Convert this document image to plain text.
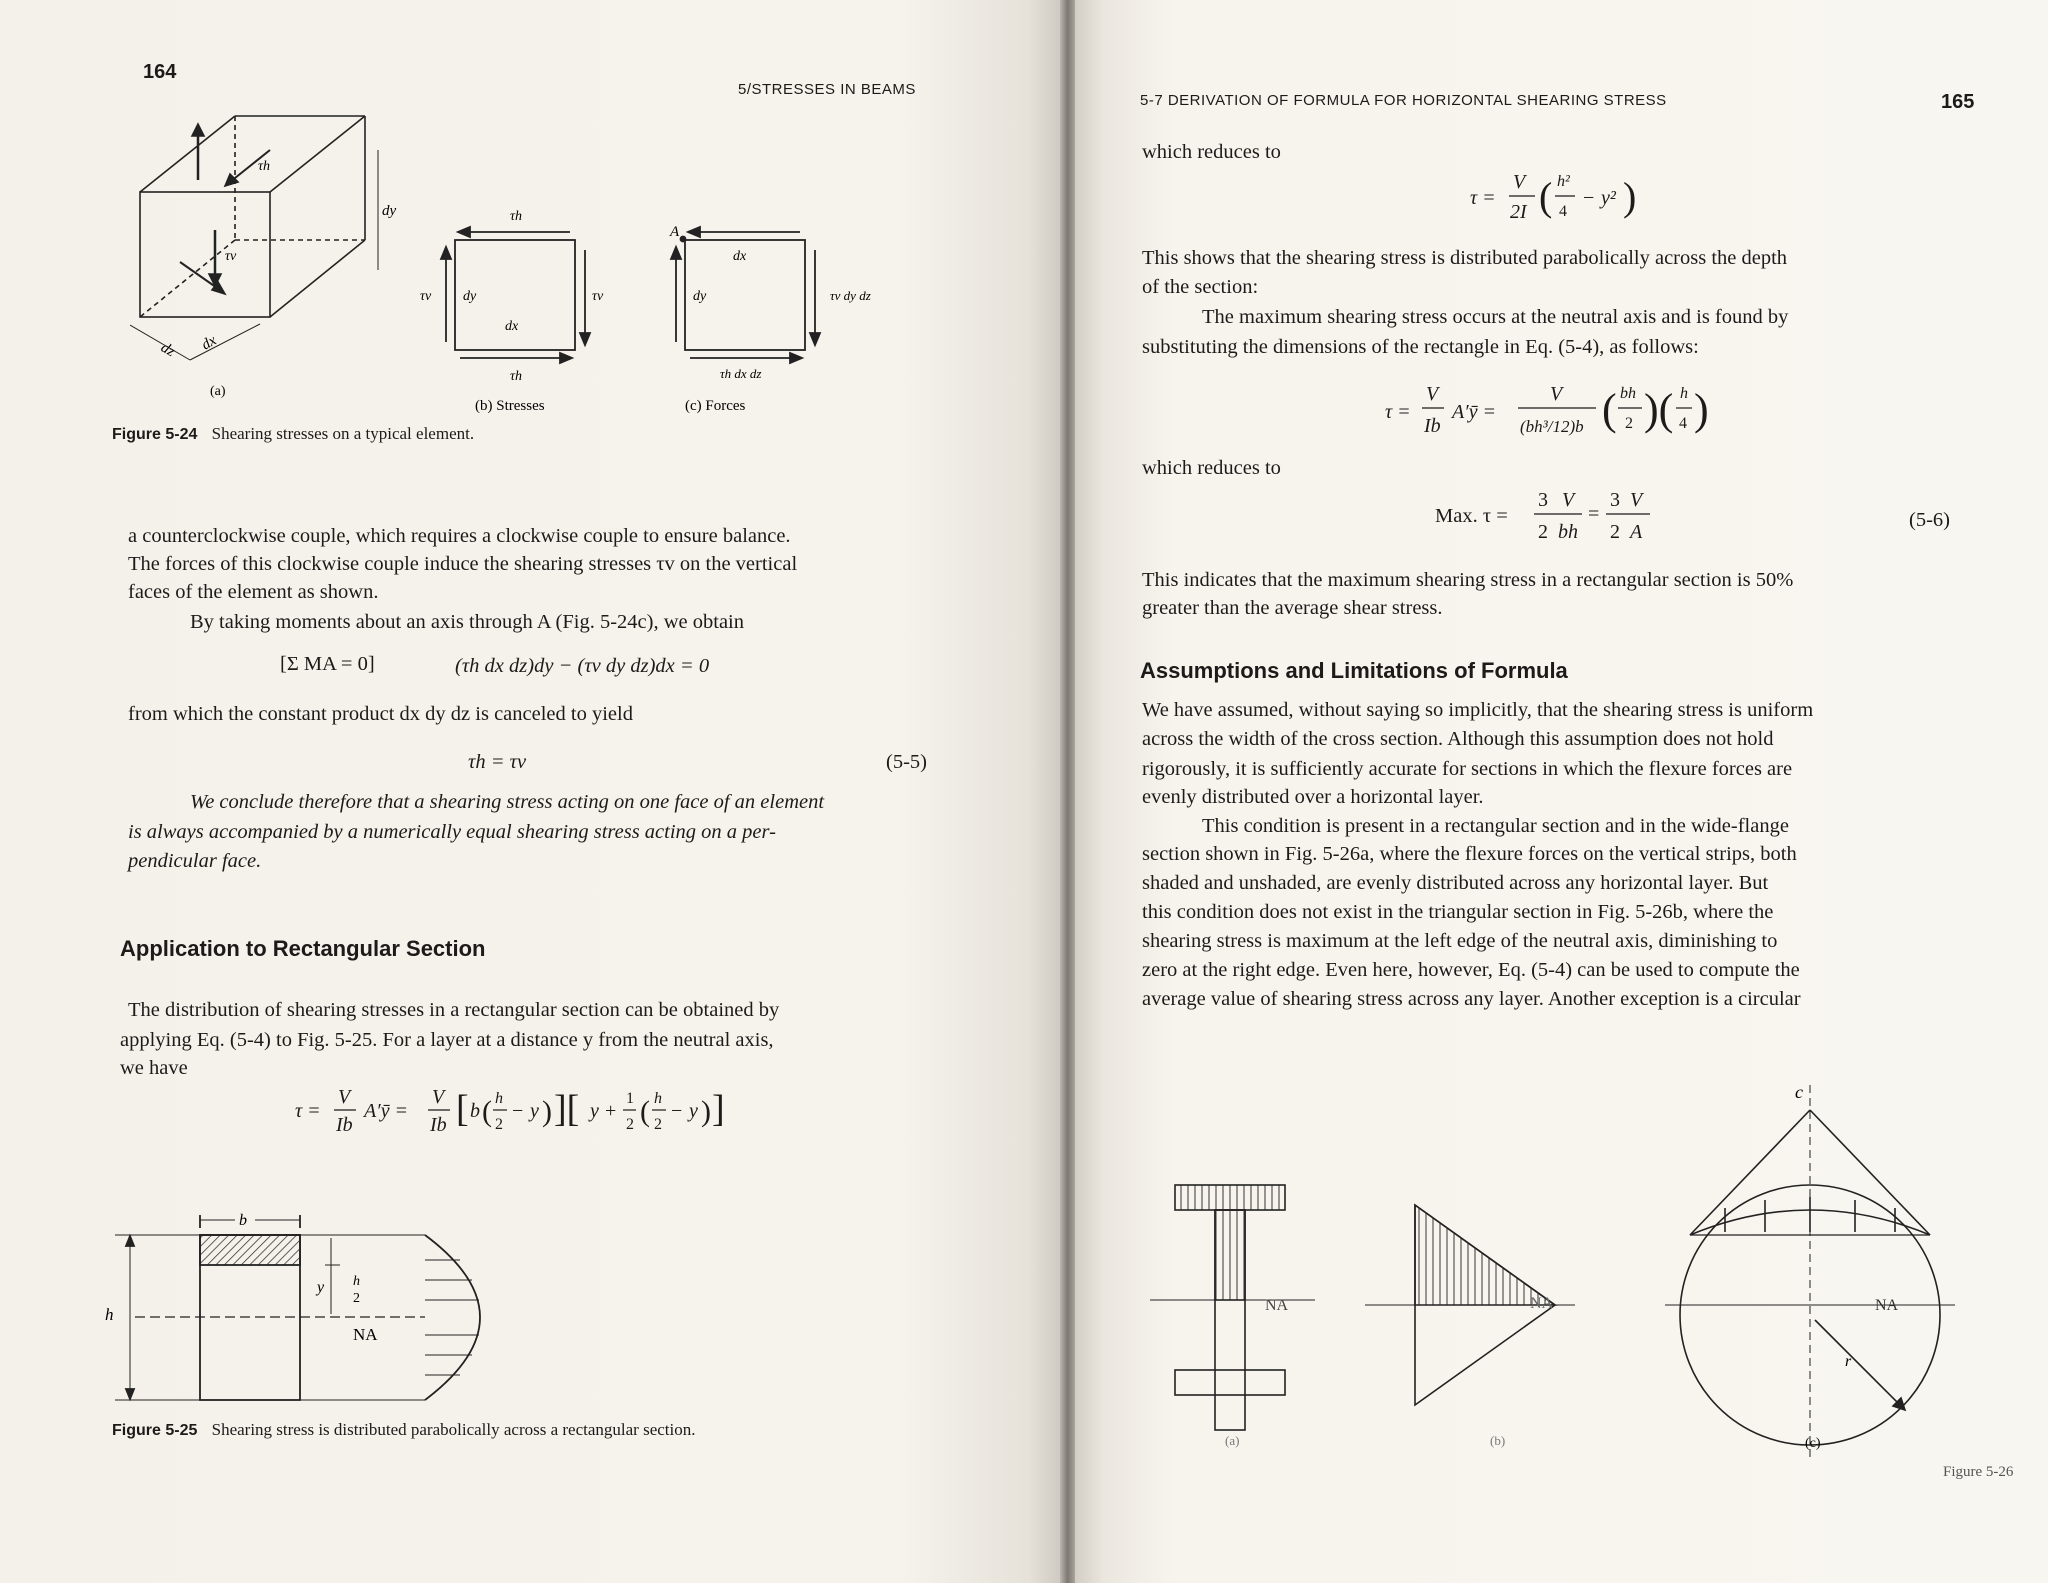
164
5/STRESSES IN BEAMS
τh
τv
dy
dz dx
τh
τh
τv	τv
dy
dx
A
dx
dy	τv dy dz
τh dx dz
(a)
(b) Stresses	(c) Forces
Figure 5-24 Shearing stresses on a typical element.
a counterclockwise couple, which requires a clockwise couple to ensure balance.
The forces of this clockwise couple induce the shearing stresses τv on the vertical
faces of the element as shown.
By taking moments about an axis through A (Fig. 5-24c), we obtain
[Σ MA = 0]	(τh dx dz)dy − (τv dy dz)dx = 0
from which the constant product dx dy dz is canceled to yield
τh = τv	(5-5)
We conclude therefore that a shearing stress acting on one face of an element
is always accompanied by a numerically equal shearing stress acting on a per-
pendicular face.
Application to Rectangular Section
The distribution of shearing stresses in a rectangular section can be obtained by
applying Eq. (5-4) to Fig. 5-25. For a layer at a distance y from the neutral axis,
we have
τ =
V
Ib
A′ȳ =
V
Ib [ b ( h
2
− y ) ][ y +
1
2 ( h
2
− y ) ]
b
h
h
2
y
NA
Figure 5-25 Shearing stress is distributed parabolically across a rectangular section.
5-7 DERIVATION OF FORMULA FOR HORIZONTAL SHEARING STRESS	165
which reduces to
τ =
V
2I ( h²
4
− y² )
This shows that the shearing stress is distributed parabolically across the depth
of the section:
The maximum shearing stress occurs at the neutral axis and is found by
substituting the dimensions of the rectangle in Eq. (5-4), as follows:
τ =
V
Ib
A′ȳ =
V
(bh³/12)b ( bh
2 )( h
4 )
which reduces to
Max. τ =
3 V
2 bh
=
3 V
2 A
(5-6)
This indicates that the maximum shearing stress in a rectangular section is 50%
greater than the average shear stress.
Assumptions and Limitations of Formula
We have assumed, without saying so implicitly, that the shearing stress is uniform
across the width of the cross section. Although this assumption does not hold
rigorously, it is sufficiently accurate for sections in which the flexure forces are
evenly distributed over a horizontal layer.
This condition is present in a rectangular section and in the wide-flange
section shown in Fig. 5-26a, where the flexure forces on the vertical strips, both
shaded and unshaded, are evenly distributed across any horizontal layer. But
this condition does not exist in the triangular section in Fig. 5-26b, where the
shearing stress is maximum at the left edge of the neutral axis, diminishing to
zero at the right edge. Even here, however, Eq. (5-4) can be used to compute the
average value of shearing stress across any layer. Another exception is a circular
NA	NA
c
r
NA
(a)	(b)	(c)
Figure 5-26
